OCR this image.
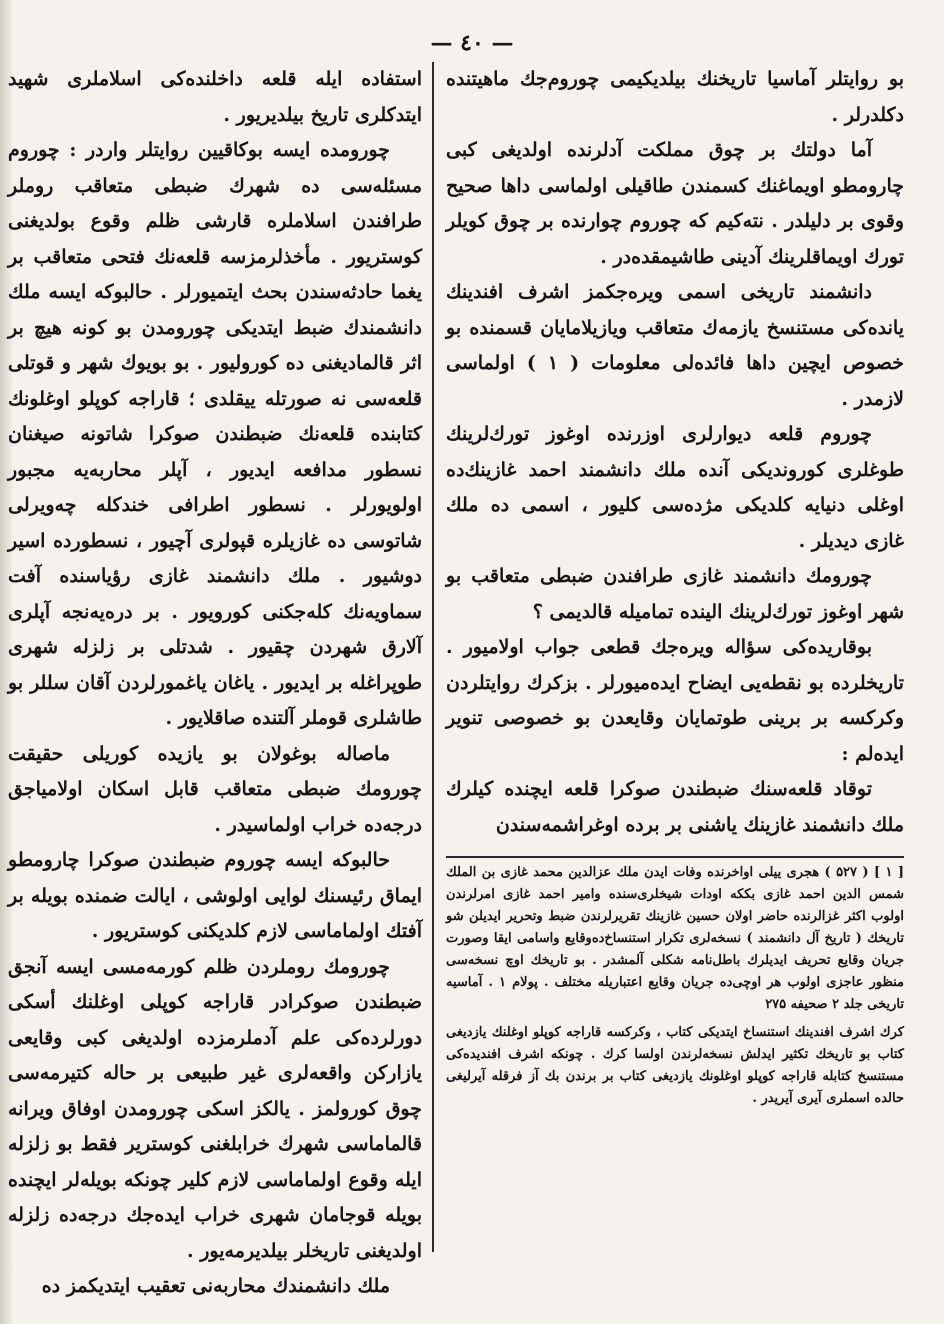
— ٤٠ —

بو روایتلر آماسیا تاریخنك بیلدیكیمی چوروم‌جك ماهیتنده دكلدرلر .

آما دولتك بر چوق مملكت آدلرنده اولدیغی كبی چارومطو اویماغنك كسمندن طاقیلی اولماسی داها صحیح وقوی بر دلیلدر . نته‌كیم كه چوروم چوارنده بر چوق كویلر تورك اویماقلرینك آدینی طاشیمقده‌در .

دانشمند تاریخی اسمی ویره‌جكمز اشرف افندینك یانده‌كی مستنسخ یازمه‌ك متعاقب ویازیلامایان قسمنده بو خصوص ایچین داها فائده‌لی معلومات ( ۱ ) اولماسی لازمدر .

چوروم قلعه دیوارلری اوزرنده اوغوز تورك‌لرینك طوغلری كوروندیكی آنده ملك دانشمند احمد غازینك‌ده اوغلی دنیایه كلدیكی مژده‌سی كلیور ، اسمی ده ملك غازی دیدیلر .

چورومك دانشمند غازی طرافندن ضبطی متعاقب بو شهر اوغوز تورك‌لرینك الینده تمامیله قالدیمی ؟

بوقاریده‌كی سؤاله ویره‌جك قطعی جواب اولامیور . تاریخلرده بو نقطه‌یی ایضاح ایده‌میورلر . بزكرك روایتلردن وكركسه بر برینی طوتمایان وقایعدن بو خصوصی تنویر ایده‌لم :

توقاد قلعه‌سنك ضبطندن صوكرا قلعه ایچنده كیلرك ملك دانشمند غازینك یاشنی بر برده اوغراشمه‌سندن

[ ۱ ] ( ۵۲۷ ) هجری ییلی اواخرنده وفات ایدن ملك عزالدین محمد غازی بن الملك شمس الدین احمد غازی بككه اودات شیخلری‌سنده وامیر احمد غازی امرلرندن اولوب اكثر غزالرنده حاضر اولان حسین غازینك تقریرلرندن ضبط وتحریر ایدیلن شو تاریخك ( تاریخ آل دانشمند ) نسخه‌لری تكرار استنساخ‌ده‌وقایع واسامی ایقا وصورت جریان وقایع تحریف ایدیلرك باطل‌نامه شكلی آلمشدر . بو تاریخك اوچ نسخه‌سی منظور عاجزی اولوب هر اوچی‌ده جریان وقایع اعتباریله مختلف . پولام ۱ . آماسیه تاریخی جلد ۲ صحیفه ۲۷۵

كرك اشرف افندینك استنساخ ایتدیكی كتاب ، وكركسه قاراجه كوپلو اوغلنك یازدیغی كتاب بو تاریخك تكثیر ایدلش نسخه‌لرندن اولسا كرك . چونكه اشرف افندیده‌كی مستنسخ كتابله قاراجه كوپلو اوغلونك یازدیغی كتاب بر برندن بك آز فرقله آیرلیغی حالده اسملری آیری آیریدر .

استفاده ایله قلعه داخلنده‌كی اسلاملری شهید ایتدكلری تاریخ بیلدیریور .

چورومده ایسه بوكاقیین روایتلر واردر : چوروم مسئله‌سی ده شهرك ضبطی متعاقب روملر طرافندن اسلاملره قارشی ظلم وقوع بولدیغنی كوستریور . مأخذلرمزسه قلعه‌نك فتحی متعاقب بر یغما حادثه‌سندن بحث ایتمیورلر . حالبوكه ایسه ملك دانشمندك ضبط ایتدیكی چورومدن بو كونه هیچ بر اثر قالمادیغنی ده كورولیور . بو بویوك شهر و قوتلی قلعه‌سی نه صورتله ییقلدی ؛ قاراجه كوپلو اوغلونك كتابنده قلعه‌نك ضبطندن صوكرا شاتونه صیغنان نسطور مدافعه ایدیور ، آپلر محاربه‌یه مجبور اولویورلر . نسطور اطرافی خندكله چه‌ویرلی شاتوسی ده غازیلره قپولری آچیور ، نسطورده اسیر دوشیور . ملك دانشمند غازی رؤیاسنده آفت سماویه‌نك كله‌جكنی كورویور . بر دره‌یه‌نجه آپلری آلارق شهردن چقیور . شدتلی بر زلزله شهری طوپراغله بر ایدیور . یاغان یاغمورلردن آقان سللر بو طاشلری قوملر آلتنده صاقلایور .

ماصاله بوغولان بو یازیده كوریلی حقیقت چورومك ضبطی متعاقب قابل اسكان اولامیاجق درجه‌ده خراب اولماسیدر .

حالبوكه ایسه چوروم ضبطندن صوكرا چارومطو ایماق رئیسنك لوایی اولوشی ، ایالت ضمنده بویله بر آفتك اولماماسی لازم كلدیكنی كوستریور .

چورومك روملردن ظلم كورمه‌مسی ایسه آنجق ضبطندن صوكرادر قاراجه كوپلی اوغلنك أسكی دورلرده‌كی علم آدملرمزده اولدیغی كبی وقایعی یازاركن واقعه‌لری غیر طبیعی بر حاله كتیرمه‌سی چوق كورولمز . یالكز اسكی چورومدن اوفاق ویرانه‌ قالماماسی شهرك خرابلغنی كوستریر فقط بو زلزله ایله وقوع اولماماسی لازم كلیر چونكه بویله‌لر ایچنده بویله قوجامان شهری خراب ایده‌جك درجه‌ده زلزله اولدیغنی تاریخلر بیلدیرمه‌یور .

ملك دانشمندك محاربه‌نی تعقیب ایتدیكمز ده
